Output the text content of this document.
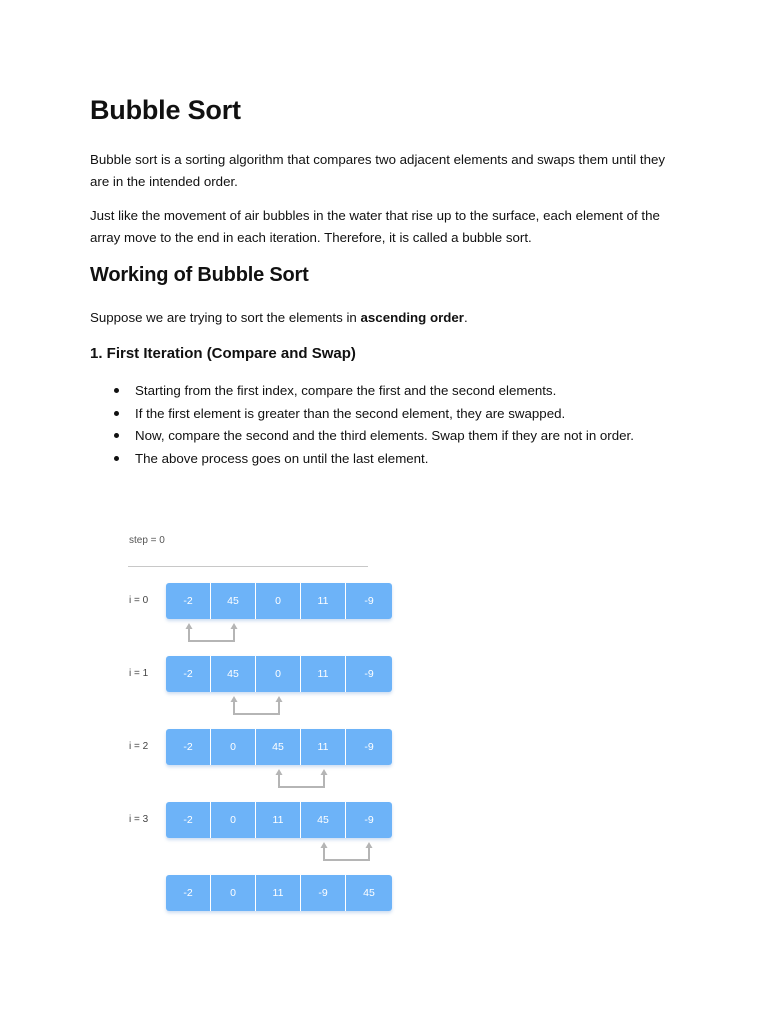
Bubble Sort

Bubble sort is a sorting algorithm that compares two adjacent elements and swaps them until they are in the intended order.

Just like the movement of air bubbles in the water that rise up to the surface, each element of the array move to the end in each iteration. Therefore, it is called a bubble sort.

Working of Bubble Sort

Suppose we are trying to sort the elements in ascending order.

1. First Iteration (Compare and Swap)
Starting from the first index, compare the first and the second elements.
If the first element is greater than the second element, they are swapped.
Now, compare the second and the third elements. Swap them if they are not in order.
The above process goes on until the last element.
step = 0
i = 0	-2	45	0	11	-9
i = 1	-2	45	0	11	-9
i = 2	-2	0	45	11	-9
i = 3	-2	0	11	45	-9
-2	0	11	-9	45
